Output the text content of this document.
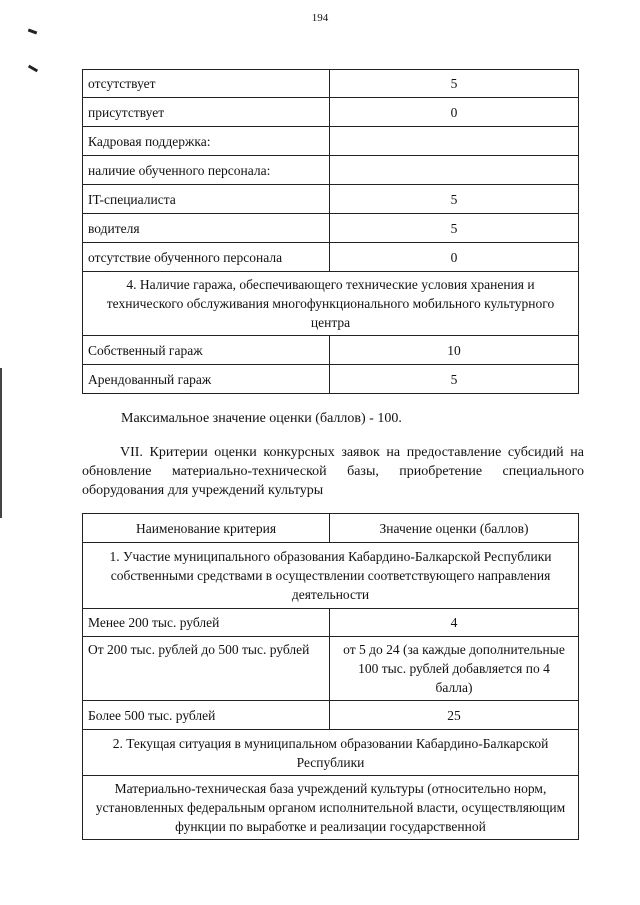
194
отсутствует	5
присутствует	0
Кадровая поддержка:	
наличие обученного персонала:	
IT-специалиста	5
водителя	5
отсутствие обученного персонала	0
4. Наличие гаража, обеспечивающего технические условия хранения и технического обслуживания многофункционального мобильного культурного центра	
Собственный гараж	10
Арендованный гараж	5
Максимальное значение оценки (баллов) - 100.
VII. Критерии оценки конкурсных заявок на предоставление субсидий на обновление материально-технической базы, приобретение специального оборудования для учреждений культуры
Наименование критерия	Значение оценки (баллов)
1. Участие муниципального образования Кабардино-Балкарской Республики собственными средствами в осуществлении соответствующего направления деятельности	
Менее 200 тыс. рублей	4
От 200 тыс. рублей до 500 тыс. рублей	от 5 до 24 (за каждые дополнительные 100 тыс. рублей добавляется по 4 балла)
Более 500 тыс. рублей	25
2. Текущая ситуация в муниципальном образовании Кабардино-Балкарской Республики	
Материально-техническая база учреждений культуры (относительно норм, установленных федеральным органом исполнительной власти, осуществляющим функции по выработке и реализации государственной	
